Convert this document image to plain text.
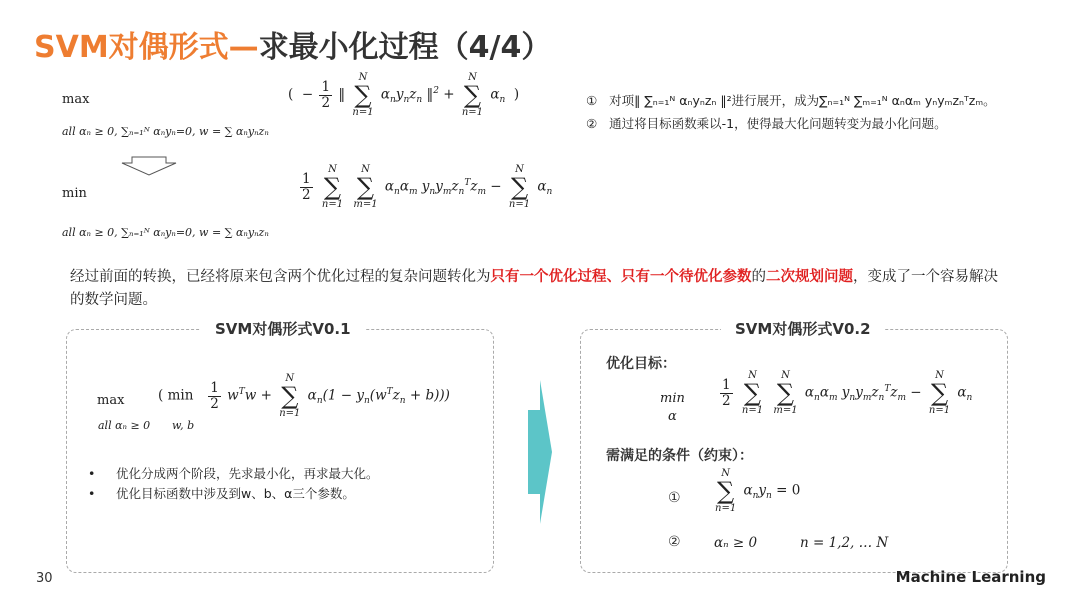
SVM对偶形式—求最小化过程（4/4）
max	(  − $\frac{1}{2}$ ‖
N
∑
n=1
$\alpha_ny_nz_n$ ‖$^2$ +
N
∑
n=1
$\alpha_n$ )
all αₙ ≥ 0, ∑ₙ₌₁ᴺ αₙyₙ=0, w = ∑ αₙyₙzₙ
min	$\frac{1}{2}$

N
∑
n=1

N
∑
m=1
$\alpha_n\alpha_m$ $y_ny_mz_n^Tz_m$ −
N
∑
n=1
$\alpha_n$
all αₙ ≥ 0, ∑ₙ₌₁ᴺ αₙyₙ=0, w = ∑ αₙyₙzₙ
① 对项‖ ∑ₙ₌₁ᴺ αₙyₙzₙ ‖²进行展开，成为∑ₙ₌₁ᴺ ∑ₘ₌₁ᴺ αₙαₘ yₙyₘzₙᵀzₘ。
② 通过将目标函数乘以-1，使得最大化问题转变为最小化问题。
经过前面的转换，已经将原来包含两个优化过程的复杂问题转化为只有一个优化过程、只有一个待优化参数的二次规划问题，变成了一个容易解决的数学问题。
SVM对偶形式V0.1
max ( $\min \frac{1}{2} w^Tw$ +
N
∑
n=1
$\alpha_n(1 - y_n(w^Tz_n + b))$)
all αₙ ≥ 0 w, b
• 优化分成两个阶段，先求最小化，再求最大化。
• 优化目标函数中涉及到w、b、α三个参数。
SVM对偶形式V0.2
优化目标：
min
α
$\frac{1}{2}$

N
∑
n=1

N
∑
m=1
$\alpha_n\alpha_m$ $y_ny_mz_n^Tz_m$ −
N
∑
n=1
$\alpha_n$
需满足的条件（约束）：
①
N
∑
n=1
$\alpha_ny_n = 0$
② αₙ ≥ 0	n = 1,2, … N
30	Machine Learning
